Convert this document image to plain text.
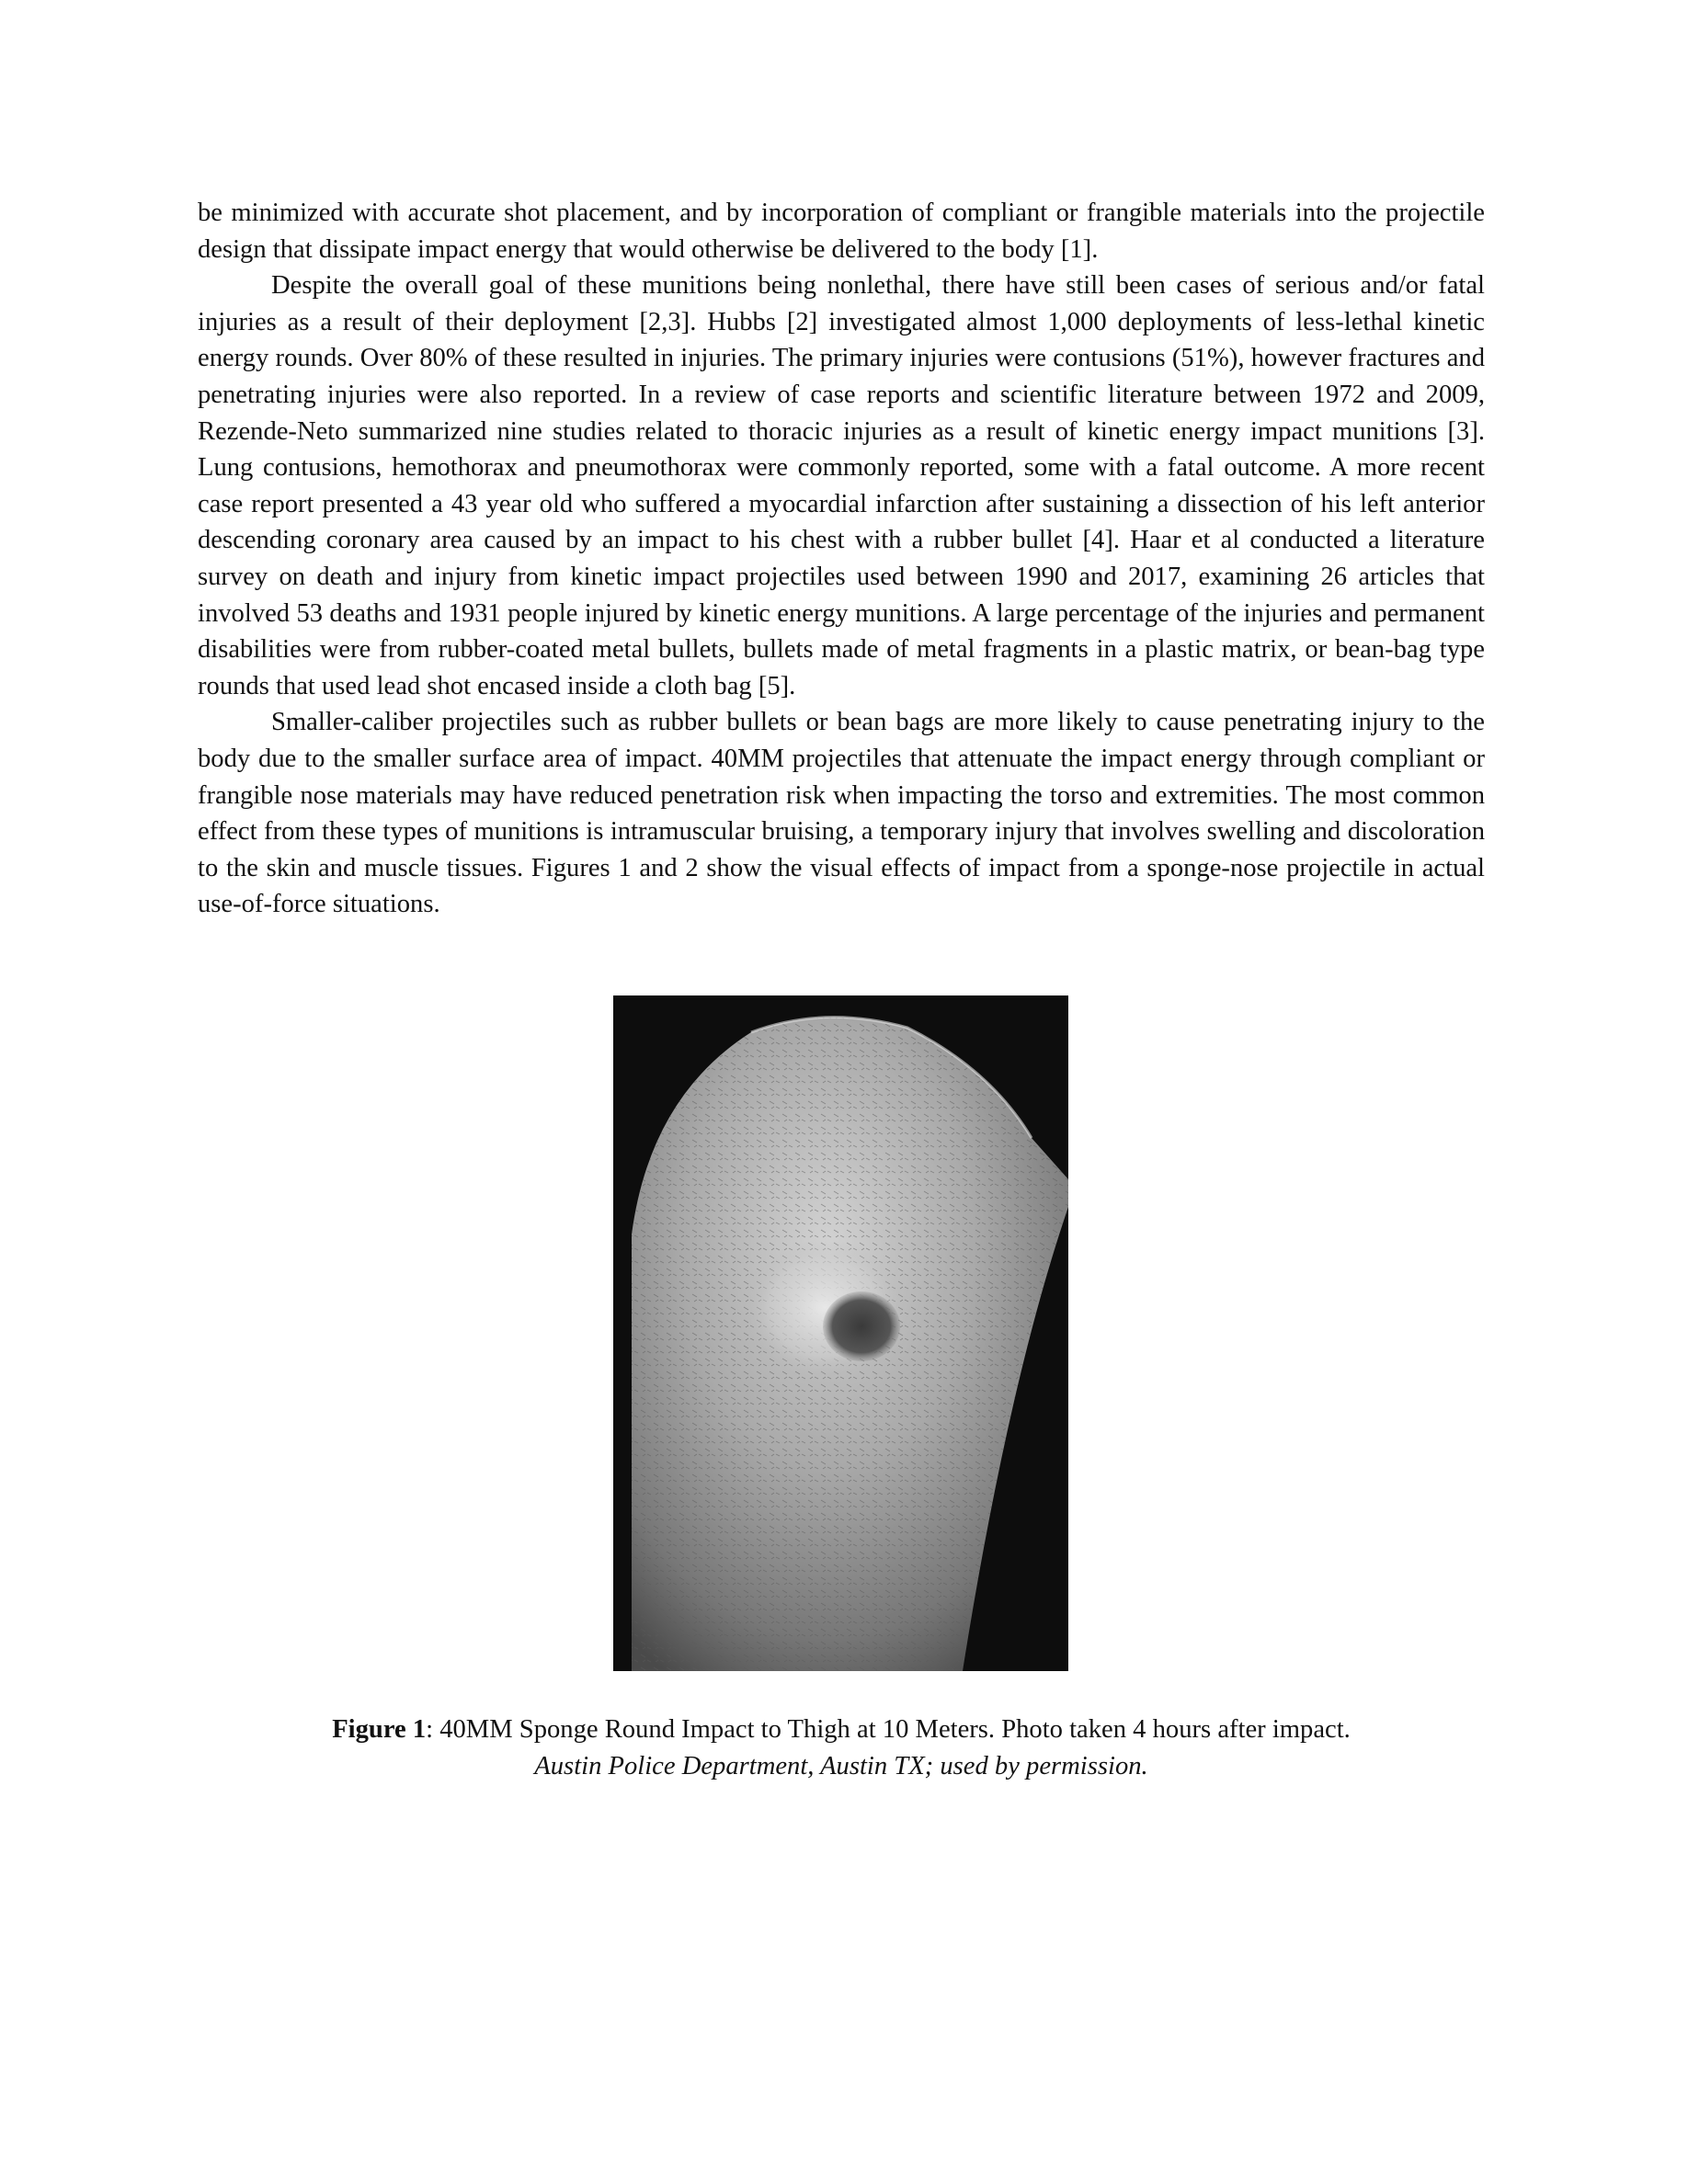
be minimized with accurate shot placement, and by incorporation of compliant or frangible materials into the projectile design that dissipate impact energy that would otherwise be delivered to the body [1].

Despite the overall goal of these munitions being nonlethal, there have still been cases of serious and/or fatal injuries as a result of their deployment [2,3]. Hubbs [2] investigated almost 1,000 deployments of less-lethal kinetic energy rounds. Over 80% of these resulted in injuries. The primary injuries were contusions (51%), however fractures and penetrating injuries were also reported. In a review of case reports and scientific literature between 1972 and 2009, Rezende-Neto summarized nine studies related to thoracic injuries as a result of kinetic energy impact munitions [3]. Lung contusions, hemothorax and pneumothorax were commonly reported, some with a fatal outcome. A more recent case report presented a 43 year old who suffered a myocardial infarction after sustaining a dissection of his left anterior descending coronary area caused by an impact to his chest with a rubber bullet [4]. Haar et al conducted a literature survey on death and injury from kinetic impact projectiles used between 1990 and 2017, examining 26 articles that involved 53 deaths and 1931 people injured by kinetic energy munitions. A large percentage of the injuries and permanent disabilities were from rubber-coated metal bullets, bullets made of metal fragments in a plastic matrix, or bean-bag type rounds that used lead shot encased inside a cloth bag [5].

Smaller-caliber projectiles such as rubber bullets or bean bags are more likely to cause penetrating injury to the body due to the smaller surface area of impact. 40MM projectiles that attenuate the impact energy through compliant or frangible nose materials may have reduced penetration risk when impacting the torso and extremities. The most common effect from these types of munitions is intramuscular bruising, a temporary injury that involves swelling and discoloration to the skin and muscle tissues. Figures 1 and 2 show the visual effects of impact from a sponge-nose projectile in actual use-of-force situations.

Figure 1: 40MM Sponge Round Impact to Thigh at 10 Meters. Photo taken 4 hours after impact.
Austin Police Department, Austin TX; used by permission.
